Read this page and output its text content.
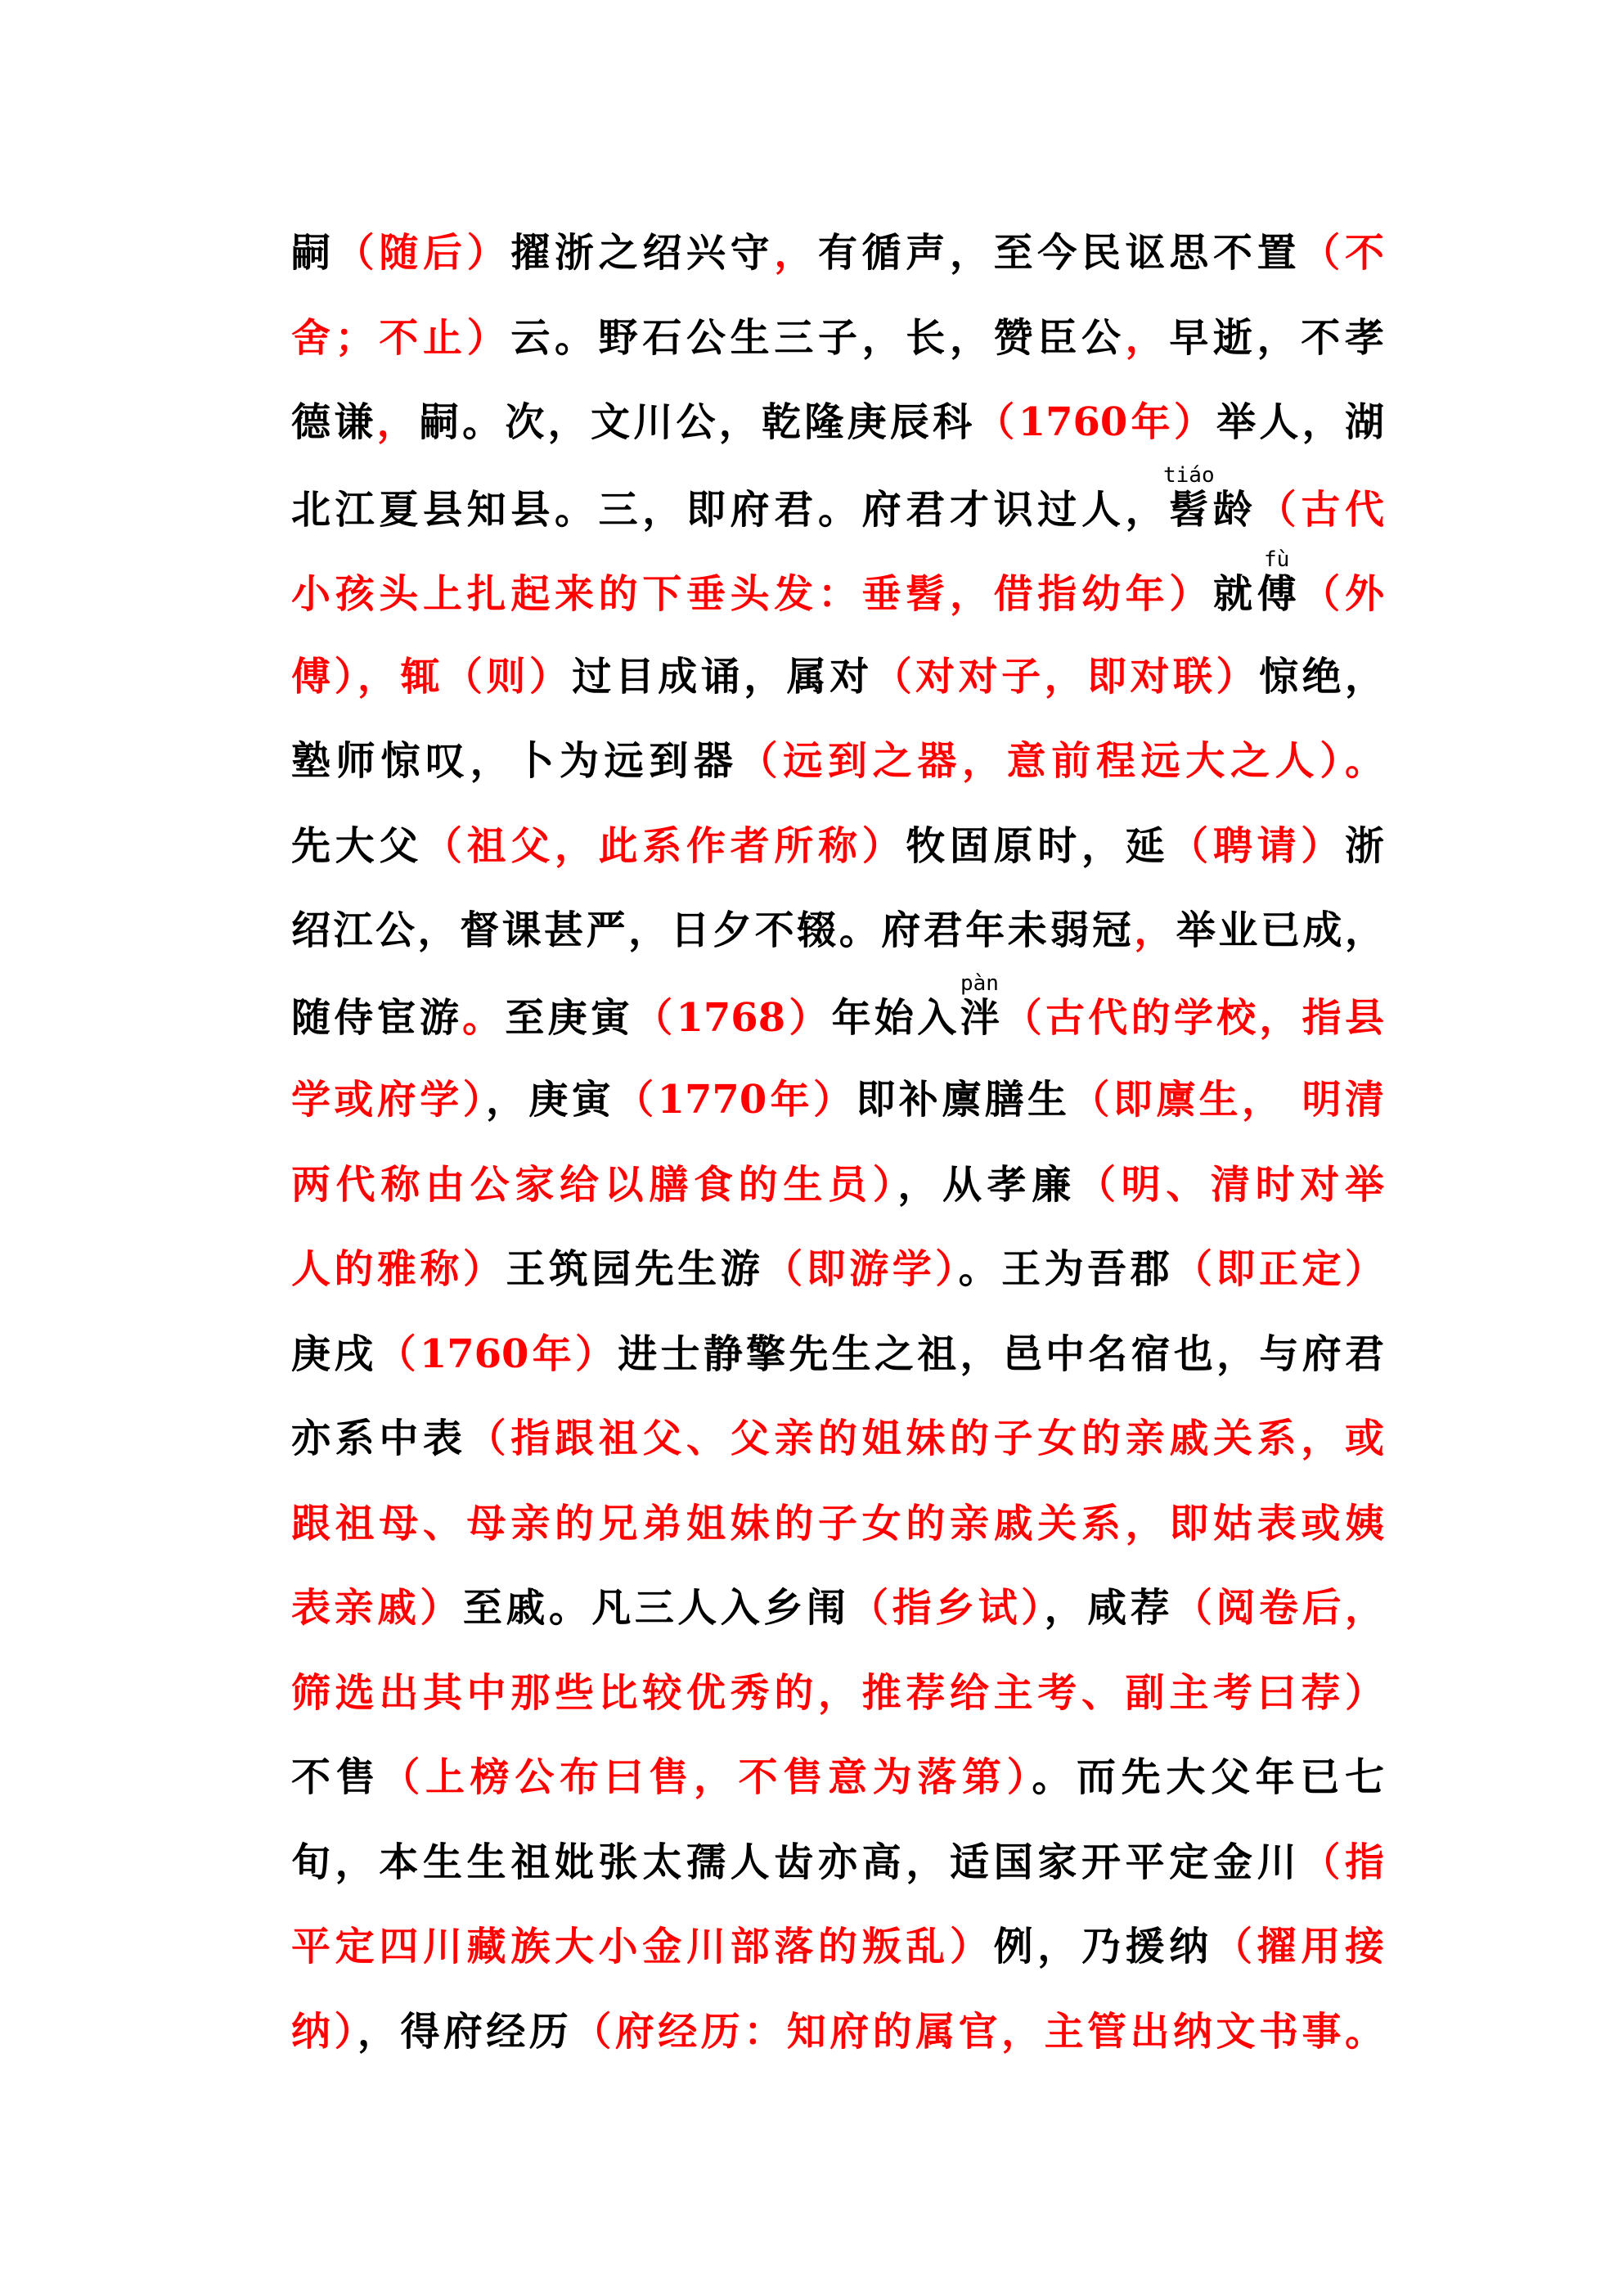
嗣（随后）擢浙之绍兴守，有循声，至今民讴思不置（不
舍；不止）云。野石公生三子，长，赞臣公，早逝，不孝
德谦，嗣。次，文川公，乾隆庚辰科（1760年）举人，湖
北江夏县知县。三，即府君。府君才识过人，髫tiáo龄（古代
小孩头上扎起来的下垂头发：垂髫，借指幼年）就傅fù（外
傅），辄（则）过目成诵，属对（对对子，即对联）惊绝，
塾师惊叹，卜为远到器（远到之器，意前程远大之人）。
先大父（祖父，此系作者所称）牧固原时，延（聘请）浙
绍江公，督课甚严，日夕不辍。府君年未弱冠，举业已成，
随侍宦游。至庚寅（1768）年始入泮pàn（古代的学校，指县
学或府学），庚寅（1770年）即补廪膳生（即廪生， 明清
两代称由公家给以膳食的生员），从孝廉（明、清时对举
人的雅称）王筑园先生游（即游学）。王为吾郡（即正定）
庚戌（1760年）进士静擎先生之祖，邑中名宿也，与府君
亦系中表（指跟祖父、父亲的姐妹的子女的亲戚关系，或
跟祖母、母亲的兄弟姐妹的子女的亲戚关系，即姑表或姨
表亲戚）至戚。凡三人入乡闱（指乡试），咸荐（阅卷后，
筛选出其中那些比较优秀的，推荐给主考、副主考曰荐）
不售（上榜公布曰售，不售意为落第）。而先大父年已七
旬，本生生祖妣张太孺人齿亦高，适国家开平定金川（指
平定四川藏族大小金川部落的叛乱）例，乃援纳（擢用接
纳），得府经历（府经历：知府的属官，主管出纳文书事。
